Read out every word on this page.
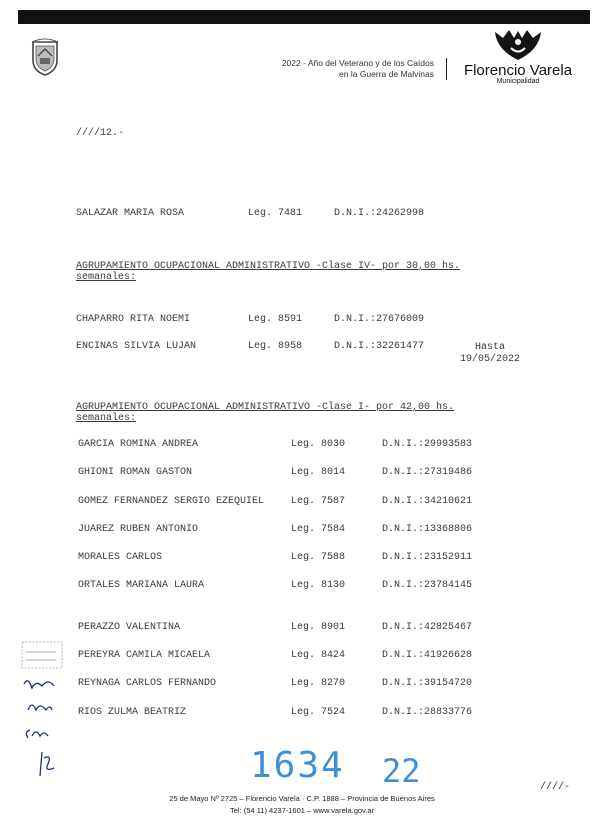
2022 - Año del Veterano y de los Caídos
en la Guerra de Malvinas	Florencio Varela
Municipalidad
////12.-
SALAZAR MARIA ROSA	Leg. 7481	D.N.I.:24262998
AGRUPAMIENTO OCUPACIONAL ADMINISTRATIVO -Clase IV- por 30,00 hs.
semanales:
CHAPARRO RITA NOEMI	Leg. 8591	D.N.I.:27676009
ENCINAS SILVIA LUJAN	Leg. 8958	D.N.I.:32261477	Hasta
19/05/2022
AGRUPAMIENTO OCUPACIONAL ADMINISTRATIVO -Clase I- por 42,00 hs.
semanales:
GARCIA ROMINA ANDREA	Leg. 8030	D.N.I.:29993583
GHIONI ROMAN GASTON	Leg. 8014	D.N.I.:27319486
GOMEZ FERNANDEZ SERGIO EZEQUIEL	Leg. 7587	D.N.I.:34210621
JUAREZ RUBEN ANTONIO	Leg. 7584	D.N.I.:13368806
MORALES CARLOS	Leg. 7588	D.N.I.:23152911
ORTALES MARIANA LAURA	Leg. 8130	D.N.I.:23784145
PERAZZO VALENTINA	Leg. 8901	D.N.I.:42825467
PEREYRA CAMILA MICAELA	Leg. 8424	D.N.I.:41926628
REYNAGA CARLOS FERNANDO	Leg. 8270	D.N.I.:39154720
RIOS ZULMA BEATRIZ	Leg. 7524	D.N.I.:28833776
1634 22	////-
25 de Mayo Nº 2725 – Florencio Varela · C.P. 1888 – Provincia de Buenos Aires
Tel: (54 11) 4237-1601 – www.varela.gov.ar
